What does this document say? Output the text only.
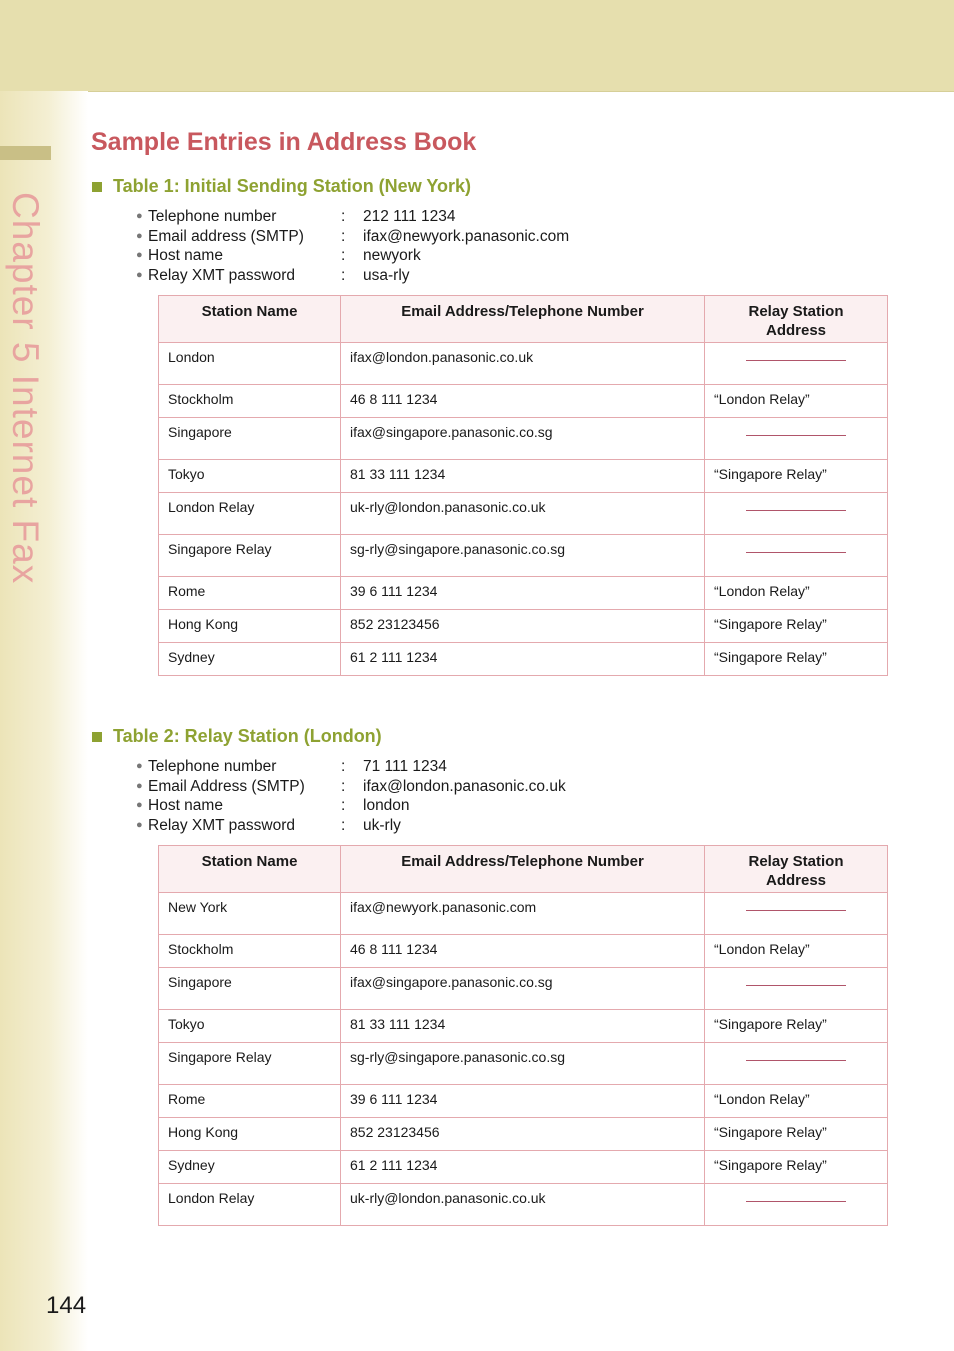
Chapter 5 Internet Fax
Sample Entries in Address Book
Table 1: Initial Sending Station (New York)
● Telephone number	:	212 111 1234
● Email address (SMTP)	:	ifax@newyork.panasonic.com
● Host name	:	newyork
● Relay XMT password	:	usa-rly
Station Name	Email Address/Telephone Number	Relay Station
Address
London	ifax@london.panasonic.co.uk	

Stockholm	46 8 111 1234	“London Relay”
Singapore	ifax@singapore.panasonic.co.sg	

Tokyo	81 33 111 1234	“Singapore Relay”
London Relay	uk-rly@london.panasonic.co.uk	

Singapore Relay	sg-rly@singapore.panasonic.co.sg	

Rome	39 6 111 1234	“London Relay”
Hong Kong	852 23123456	“Singapore Relay”
Sydney	61 2 111 1234	“Singapore Relay”
Table 2: Relay Station (London)
● Telephone number	:	71 111 1234
● Email Address (SMTP)	:	ifax@london.panasonic.co.uk
● Host name	:	london
● Relay XMT password	:	uk-rly
Station Name	Email Address/Telephone Number	Relay Station
Address
New York	ifax@newyork.panasonic.com	

Stockholm	46 8 111 1234	“London Relay”
Singapore	ifax@singapore.panasonic.co.sg	

Tokyo	81 33 111 1234	“Singapore Relay”
Singapore Relay	sg-rly@singapore.panasonic.co.sg	

Rome	39 6 111 1234	“London Relay”
Hong Kong	852 23123456	“Singapore Relay”
Sydney	61 2 111 1234	“Singapore Relay”
London Relay	uk-rly@london.panasonic.co.uk	
144
